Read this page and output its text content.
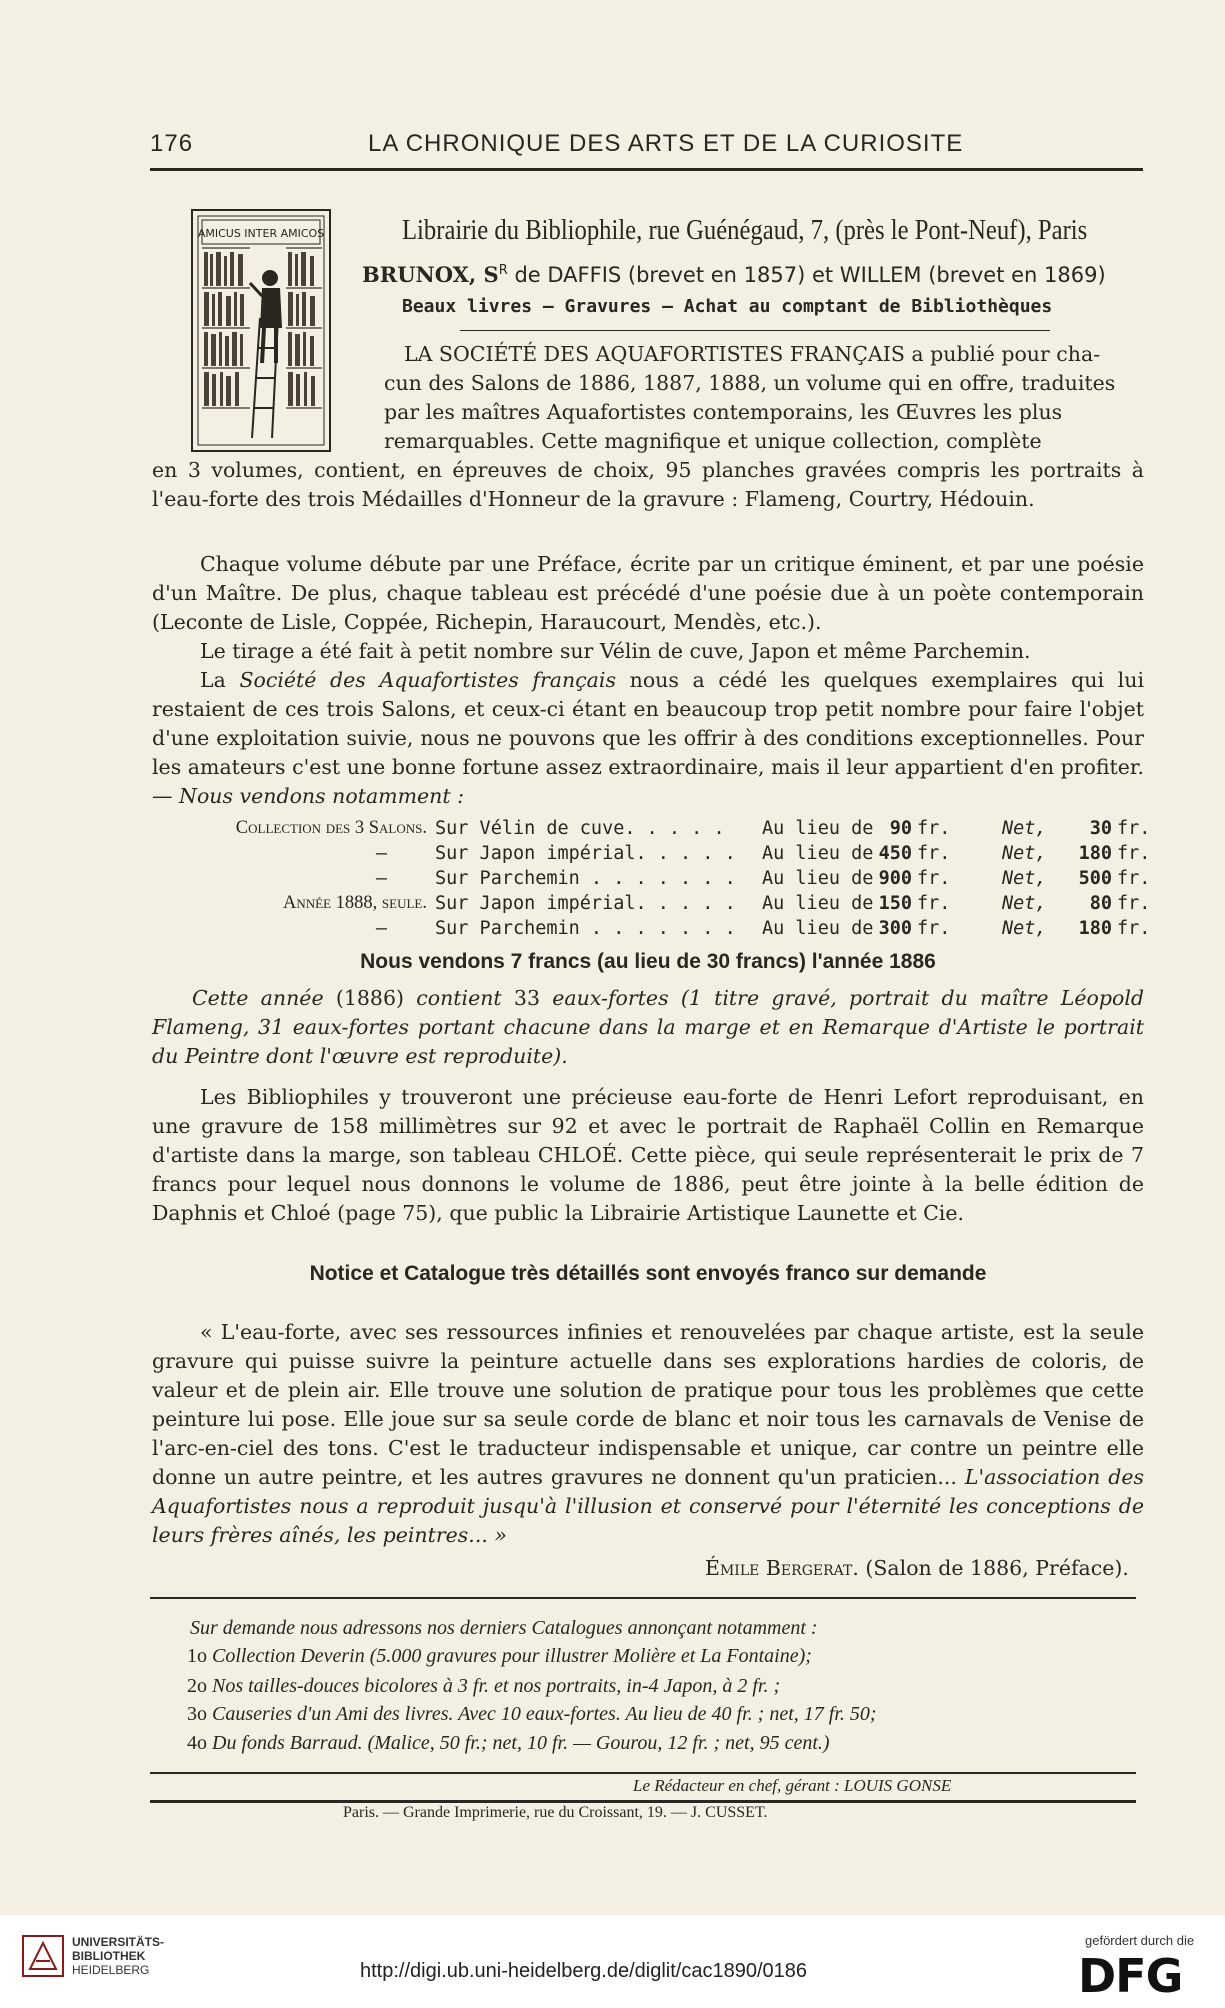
176	LA CHRONIQUE DES ARTS ET DE LA CURIOSITE
AMICUS INTER AMICOS	Librairie du Bibliophile, rue Guénégaud, 7, (près le Pont-Neuf), Paris
BRUNOX, $S^R$ de DAFFIS (brevet en 1857) et WILLEM (brevet en 1869)
Beaux livres — Gravures — Achat au comptant de Bibliothèques
LA SOCIÉTÉ DES AQUAFORTISTES FRANÇAIS a publié pour cha-
cun des Salons de 1886, 1887, 1888, un volume qui en offre, traduites
par les maîtres Aquafortistes contemporains, les Œuvres les plus
remarquables. Cette magnifique et unique collection, complète
en 3 volumes, contient, en épreuves de choix, 95 planches gravées compris les portraits à l'eau-forte des trois Médailles d'Honneur de la gravure : Flameng, Courtry, Hédouin.
Chaque volume débute par une Préface, écrite par un critique éminent, et par une poésie d'un Maître. De plus, chaque tableau est précédé d'une poésie due à un poète contemporain (Leconte de Lisle, Coppée, Richepin, Haraucourt, Mendès, etc.).
Le tirage a été fait à petit nombre sur Vélin de cuve, Japon et même Parchemin.
La Société des Aquafortistes français nous a cédé les quelques exemplaires qui lui restaient de ces trois Salons, et ceux-ci étant en beaucoup trop petit nombre pour faire l'objet d'une exploitation suivie, nous ne pouvons que les offrir à des conditions exceptionnelles. Pour les amateurs c'est une bonne fortune assez extraordinaire, mais il leur appartient d'en profiter. — Nous vendons notamment :
Collection des 3 Salons. Sur Vélin de cuve. . . . . Au lieu de 90 fr.	Net,	30 fr.
—	Sur Japon impérial. . . . . Au lieu de 450 fr.	Net,	180 fr.
—	Sur Parchemin . . . . . . . Au lieu de 900 fr.	Net,	500 fr.
Année 1888, seule. Sur Japon impérial. . . . . Au lieu de 150 fr.	Net,	80 fr.
—	Sur Parchemin . . . . . . . Au lieu de 300 fr.	Net,	180 fr.
Nous vendons 7 francs (au lieu de 30 francs) l'année 1886
Cette année (1886) contient 33 eaux-fortes (1 titre gravé, portrait du maître Léopold Flameng, 31 eaux-fortes portant chacune dans la marge et en Remarque d'Artiste le portrait du Peintre dont l'œuvre est reproduite).
Les Bibliophiles y trouveront une précieuse eau-forte de Henri Lefort reproduisant, en une gravure de 158 millimètres sur 92 et avec le portrait de Raphaël Collin en Remarque d'artiste dans la marge, son tableau CHLOÉ. Cette pièce, qui seule représenterait le prix de 7 francs pour lequel nous donnons le volume de 1886, peut être jointe à la belle édition de Daphnis et Chloé (page 75), que public la Librairie Artistique Launette et Cie.
Notice et Catalogue très détaillés sont envoyés franco sur demande
« L'eau-forte, avec ses ressources infinies et renouvelées par chaque artiste, est la seule gravure qui puisse suivre la peinture actuelle dans ses explorations hardies de coloris, de valeur et de plein air. Elle trouve une solution de pratique pour tous les problèmes que cette peinture lui pose. Elle joue sur sa seule corde de blanc et noir tous les carnavals de Venise de l'arc-en-ciel des tons. C'est le traducteur indispensable et unique, car contre un peintre elle donne un autre peintre, et les autres gravures ne donnent qu'un praticien... L'association des Aquafortistes nous a reproduit jusqu'à l'illusion et conservé pour l'éternité les conceptions de leurs frères aînés, les peintres... »
Émile Bergerat. (Salon de 1886, Préface).
Sur demande nous adressons nos derniers Catalogues annonçant notamment :
1o Collection Deverin (5.000 gravures pour illustrer Molière et La Fontaine);
2o Nos tailles-douces bicolores à 3 fr. et nos portraits, in-4 Japon, à 2 fr. ;
3o Causeries d'un Ami des livres. Avec 10 eaux-fortes. Au lieu de 40 fr. ; net, 17 fr. 50;
4o Du fonds Barraud. (Malice, 50 fr.; net, 10 fr. — Gourou, 12 fr. ; net, 95 cent.)
Le Rédacteur en chef, gérant : LOUIS GONSE
Paris. — Grande Imprimerie, rue du Croissant, 19. — J. CUSSET.
UNIVERSITÄTS-
BIBLIOTHEK
HEIDELBERG	http://digi.ub.uni-heidelberg.de/diglit/cac1890/0186
gefördert durch die
DFG
